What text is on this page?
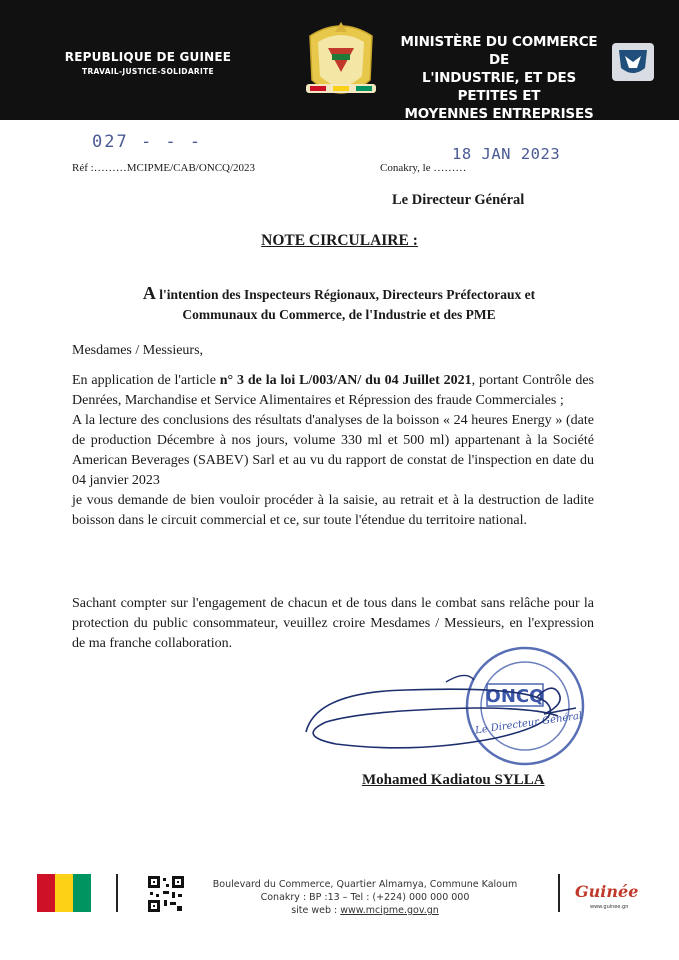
REPUBLIQUE DE GUINEE
TRAVAIL-JUSTICE-SOLIDARITE
MINISTÈRE DU COMMERCE DE
L'INDUSTRIE, ET DES PETITES ET
MOYENNES ENTREPRISES
027 - - -
Réf :………MCIPME/CAB/ONCQ/2023	Conakry, le ………
18 JAN 2023
Le Directeur Général
NOTE CIRCULAIRE :
A l'intention des Inspecteurs Régionaux, Directeurs Préfectoraux et
Communaux du Commerce, de l'Industrie et des PME
Mesdames / Messieurs,
En application de l'article n° 3 de la loi L/003/AN/ du 04 Juillet 2021, portant Contrôle des Denrées, Marchandise et Service Alimentaires et Répression des fraude Commerciales ;
A la lecture des conclusions des résultats d'analyses de la boisson « 24 heures Energy » (date de production Décembre à nos jours, volume 330 ml et 500 ml) appartenant à la Société American Beverages (SABEV) Sarl et au vu du rapport de constat de l'inspection en date du 04 janvier 2023
je vous demande de bien vouloir procéder à la saisie, au retrait et à la destruction de ladite boisson dans le circuit commercial et ce, sur toute l'étendue du territoire national.
Sachant compter sur l'engagement de chacun et de tous dans le combat sans relâche pour la protection du public consommateur, veuillez croire Mesdames / Messieurs, en l'expression de ma franche collaboration.
ONCQ
Le Directeur Général
Mohamed Kadiatou SYLLA
Boulevard du Commerce, Quartier Almamya, Commune Kaloum
Conakry : BP :13 – Tel : (+224) 000 000 000
site web : www.mcipme.gov.gn
Guinée
www.guinee.gn
